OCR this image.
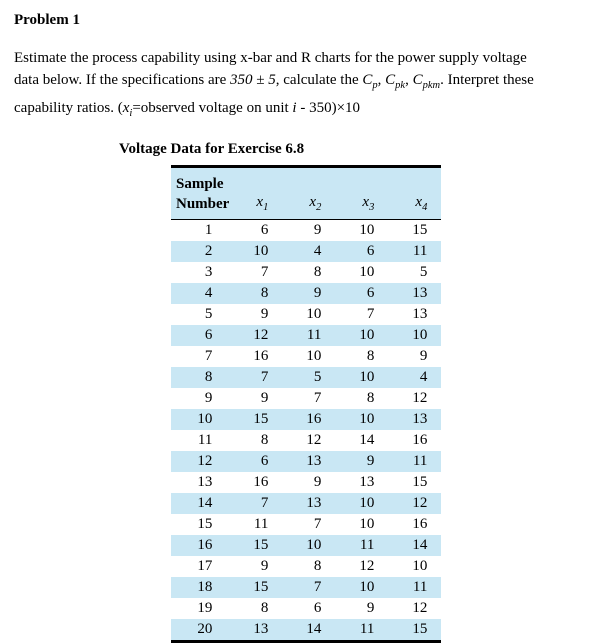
Problem 1
Estimate the process capability using x-bar and R charts for the power supply voltage
data below. If the specifications are 350 ± 5, calculate the $C_p$, $C_{pk}$, $C_{pkm}$. Interpret these
capability ratios. ($x_i=observed$ voltage on unit i - 350)×10
Voltage Data for Exercise 6.8
Sample
Number	$x_1$	$x_2$	$x_3$	$x_4$
1	6	9	10	15
2	10	4	6	11
3	7	8	10	5
4	8	9	6	13
5	9	10	7	13
6	12	11	10	10
7	16	10	8	9
8	7	5	10	4
9	9	7	8	12
10	15	16	10	13
11	8	12	14	16
12	6	13	9	11
13	16	9	13	15
14	7	13	10	12
15	11	7	10	16
16	15	10	11	14
17	9	8	12	10
18	15	7	10	11
19	8	6	9	12
20	13	14	11	15
